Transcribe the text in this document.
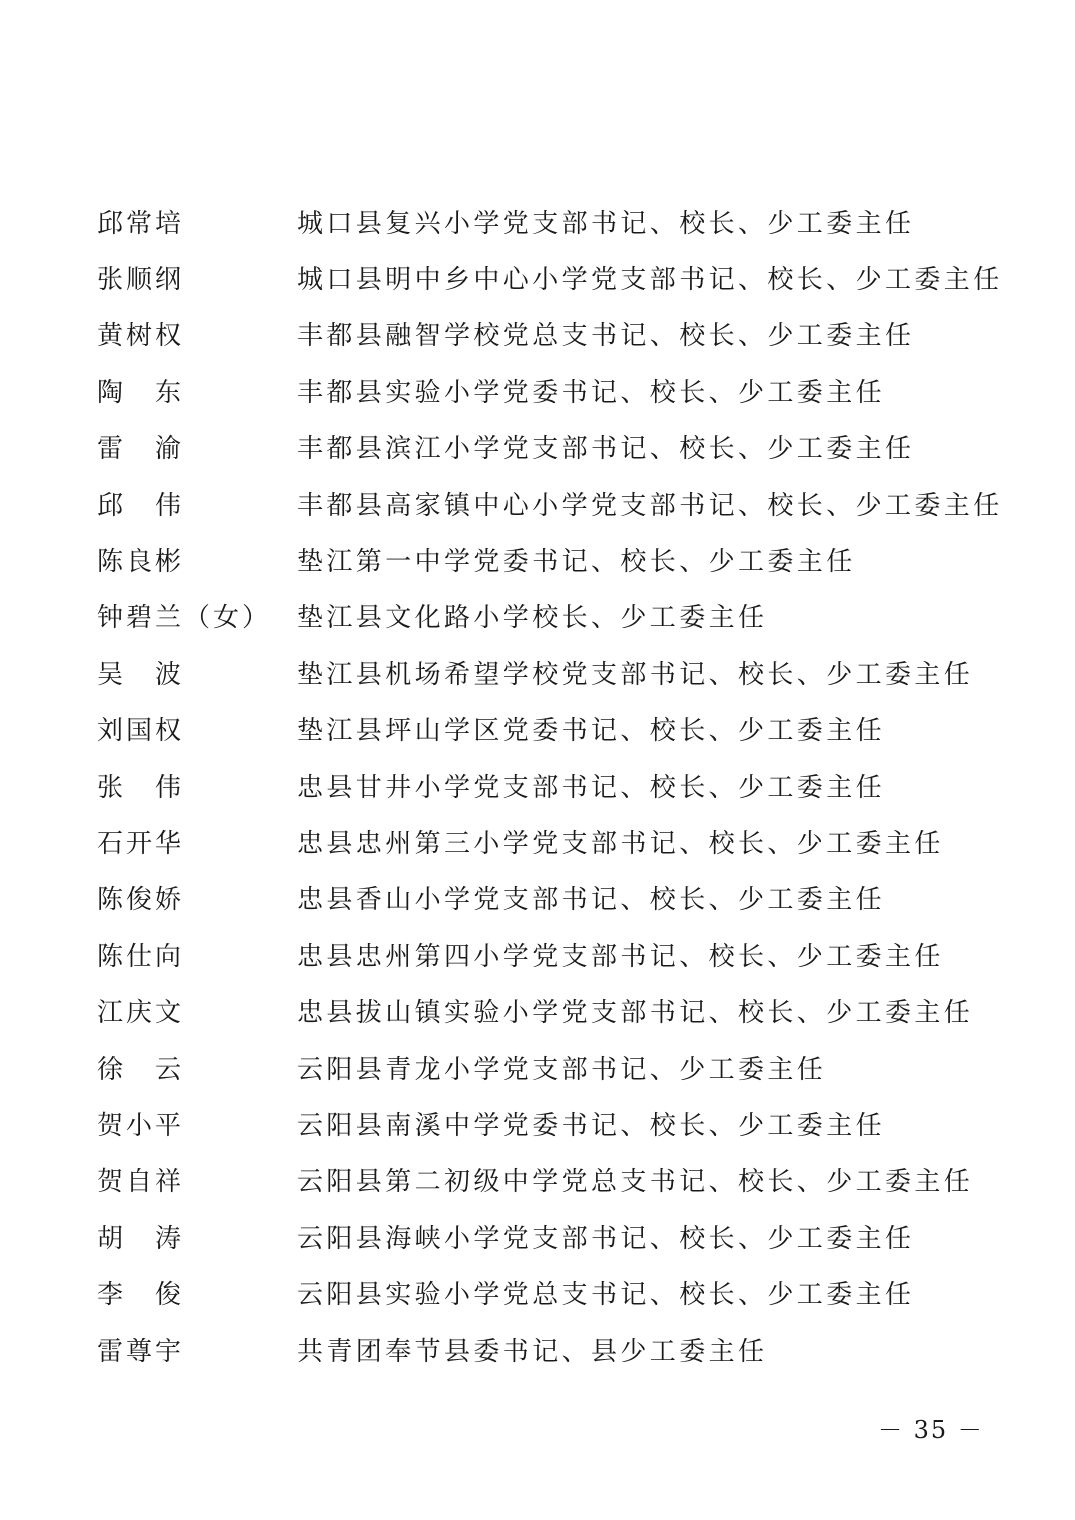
邱常培	城口县复兴小学党支部书记、校长、少工委主任
张顺纲	城口县明中乡中心小学党支部书记、校长、少工委主任
黄树权	丰都县融智学校党总支书记、校长、少工委主任
陶　东	丰都县实验小学党委书记、校长、少工委主任
雷　渝	丰都县滨江小学党支部书记、校长、少工委主任
邱　伟	丰都县高家镇中心小学党支部书记、校长、少工委主任
陈良彬	垫江第一中学党委书记、校长、少工委主任
钟碧兰（女） 垫江县文化路小学校长、少工委主任
吴　波	垫江县机场希望学校党支部书记、校长、少工委主任
刘国权	垫江县坪山学区党委书记、校长、少工委主任
张　伟	忠县甘井小学党支部书记、校长、少工委主任
石开华	忠县忠州第三小学党支部书记、校长、少工委主任
陈俊娇	忠县香山小学党支部书记、校长、少工委主任
陈仕向	忠县忠州第四小学党支部书记、校长、少工委主任
江庆文	忠县拔山镇实验小学党支部书记、校长、少工委主任
徐　云	云阳县青龙小学党支部书记、少工委主任
贺小平	云阳县南溪中学党委书记、校长、少工委主任
贺自祥	云阳县第二初级中学党总支书记、校长、少工委主任
胡　涛	云阳县海峡小学党支部书记、校长、少工委主任
李　俊	云阳县实验小学党总支书记、校长、少工委主任
雷尊宇	共青团奉节县委书记、县少工委主任
－ 35 －
